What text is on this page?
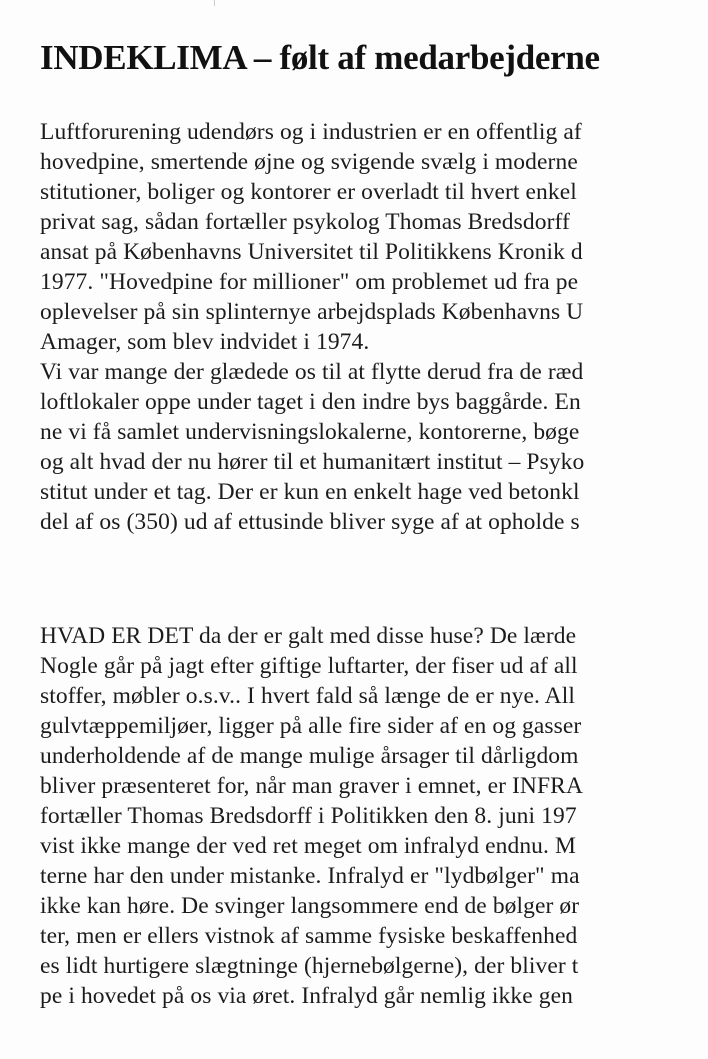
INDEKLIMA – følt af medarbejderne

Luftforurening udendørs og i industrien er en offentlig af

hovedpine, smertende øjne og svigende svælg i moderne

stitutioner, boliger og kontorer er overladt til hvert enkel

privat sag, sådan fortæller psykolog Thomas Bredsdorff

ansat på Københavns Universitet til Politikkens Kronik d

1977. "Hovedpine for millioner" om problemet ud fra pe

oplevelser på sin splinternye arbejdsplads Københavns U

Amager, som blev indvidet i 1974.

Vi var mange der glædede os til at flytte derud fra de ræd

loftlokaler oppe under taget i den indre bys baggårde. En

ne vi få samlet undervisningslokalerne, kontorerne, bøge

og alt hvad der nu hører til et humanitært institut – Psyko

stitut under et tag. Der er kun en enkelt hage ved betonkl

del af os (350) ud af ettusinde bliver syge af at opholde s

HVAD ER DET da der er galt med disse huse? De lærde

Nogle går på jagt efter giftige luftarter, der fiser ud af all

stoffer, møbler o.s.v.. I hvert fald så længe de er nye. All

gulvtæppemiljøer, ligger på alle fire sider af en og gasser

underholdende af de mange mulige årsager til dårligdom

bliver præsenteret for, når man graver i emnet, er INFRA

fortæller Thomas Bredsdorff i Politikken den 8. juni 197

vist ikke mange der ved ret meget om infralyd endnu. M

terne har den under mistanke. Infralyd er "lydbølger" ma

ikke kan høre. De svinger langsommere end de bølger ør

ter, men er ellers vistnok af samme fysiske beskaffenhed

es lidt hurtigere slægtninge (hjernebølgerne), der bliver t

pe i hovedet på os via øret. Infralyd går nemlig ikke gen
